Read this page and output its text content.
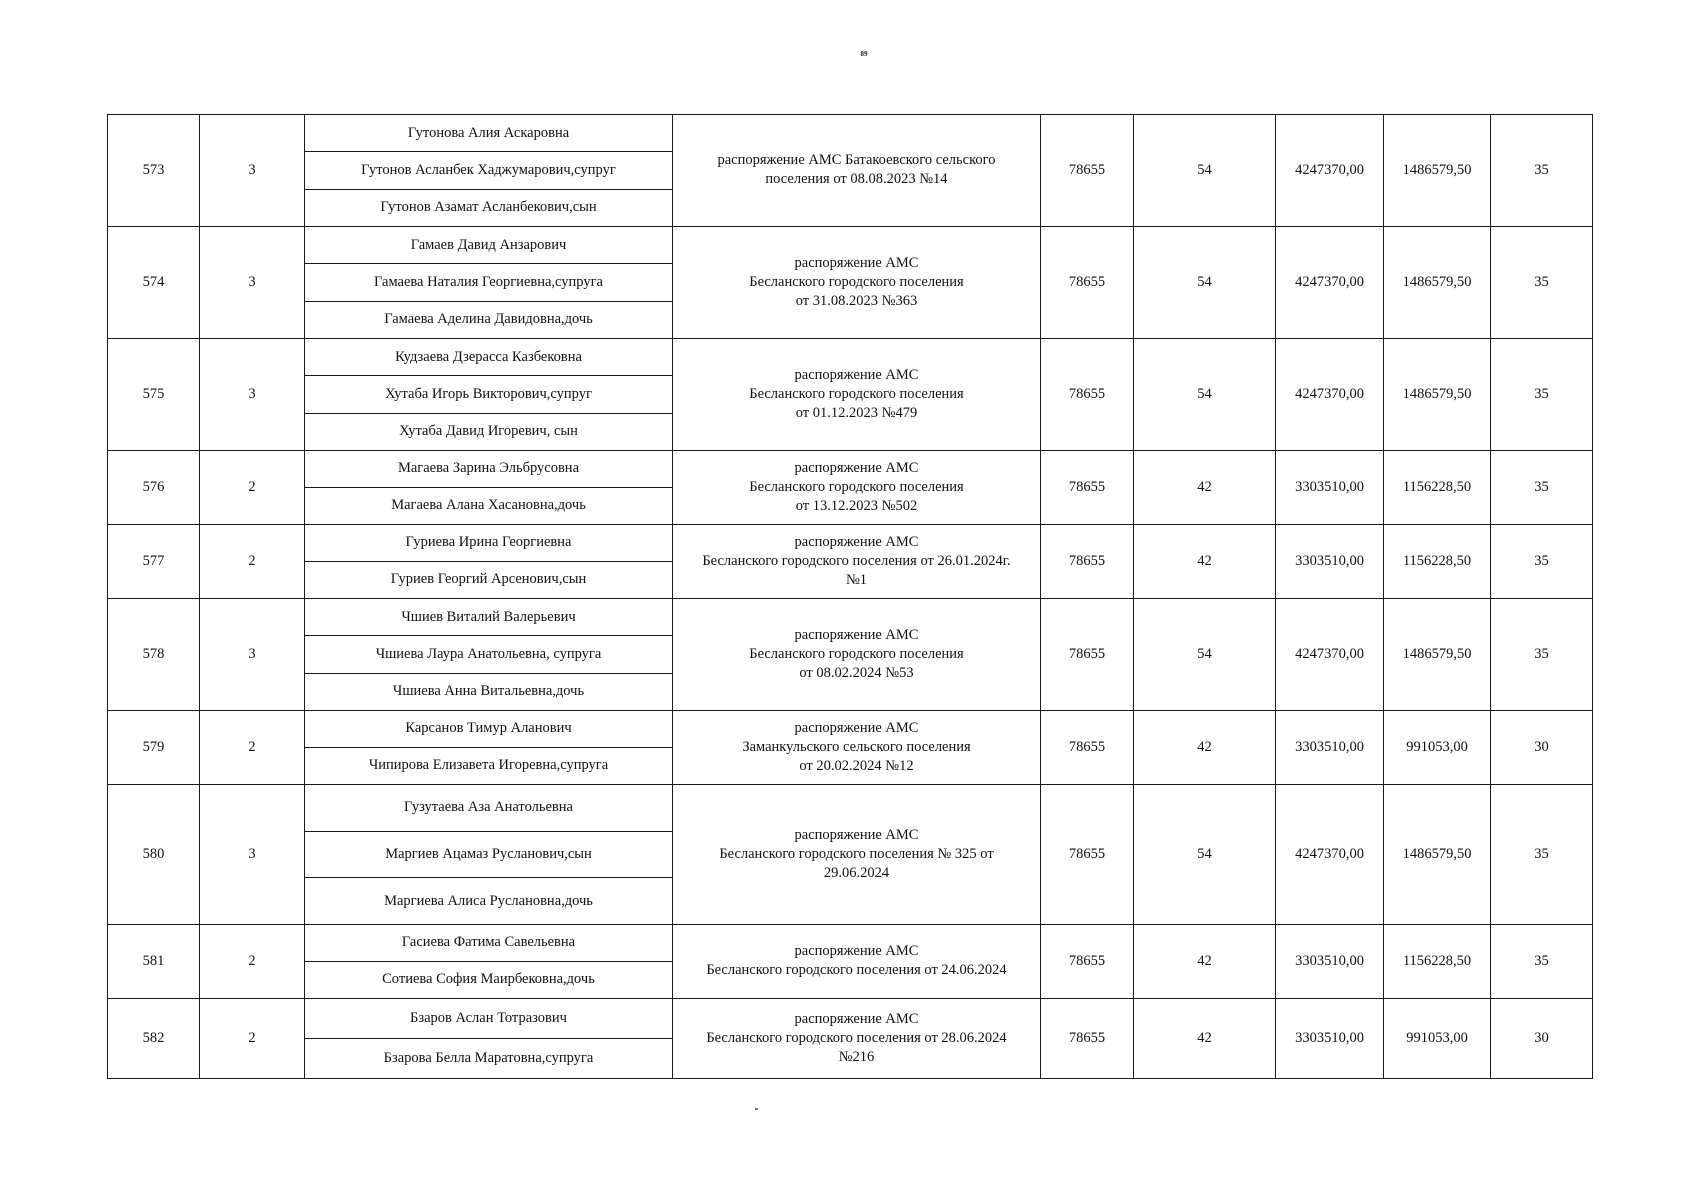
89
573	3	Гутонова Алия Аскаровна	распоряжение АМС Батакоевского сельского
поселения от 08.08.2023 №14	78655	54	4247370,00	1486579,50	35
		Гутонов Асланбек Хаджумарович,супруг						
		Гутонов Азамат Асланбекович,сын						
574	3	Гамаев Давид Анзарович	распоряжение АМС
Бесланского городского поселения
от 31.08.2023 №363	78655	54	4247370,00	1486579,50	35
		Гамаева Наталия Георгиевна,супруга						
		Гамаева Аделина Давидовна,дочь						
575	3	Кудзаева Дзерасса Казбековна	распоряжение АМС
Бесланского городского поселения
от 01.12.2023 №479	78655	54	4247370,00	1486579,50	35
		Хутаба Игорь Викторович,супруг						
		Хутаба Давид Игоревич, сын						
576	2	Магаева Зарина Эльбрусовна	распоряжение АМС
Бесланского городского поселения
от 13.12.2023 №502	78655	42	3303510,00	1156228,50	35
		Магаева Алана Хасановна,дочь						
577	2	Гуриева Ирина Георгиевна	распоряжение АМС
Бесланского городского поселения от 26.01.2024г.
№1	78655	42	3303510,00	1156228,50	35
		Гуриев Георгий Арсенович,сын						
578	3	Чшиев Виталий Валерьевич	распоряжение АМС
Бесланского городского поселения
от 08.02.2024 №53	78655	54	4247370,00	1486579,50	35
		Чшиева Лаура Анатольевна, супруга						
		Чшиева Анна Витальевна,дочь						
579	2	Карсанов Тимур Аланович	распоряжение АМС
Заманкульского сельского поселения
от 20.02.2024 №12	78655	42	3303510,00	991053,00	30
		Чипирова Елизавета Игоревна,супруга						
580	3	Гузутаева Аза Анатольевна	распоряжение АМС
Бесланского городского поселения № 325 от
29.06.2024	78655	54	4247370,00	1486579,50	35
		Маргиев Ацамаз Русланович,сын						
		Маргиева Алиса Руслановна,дочь						
581	2	Гасиева Фатима Савельевна	распоряжение АМС
Бесланского городского поселения от 24.06.2024	78655	42	3303510,00	1156228,50	35
		Сотиева София Маирбековна,дочь						
582	2	Бзаров Аслан Тотразович	распоряжение АМС
Бесланского городского поселения от 28.06.2024
№216	78655	42	3303510,00	991053,00	30
		Бзарова Белла Маратовна,супруга						
